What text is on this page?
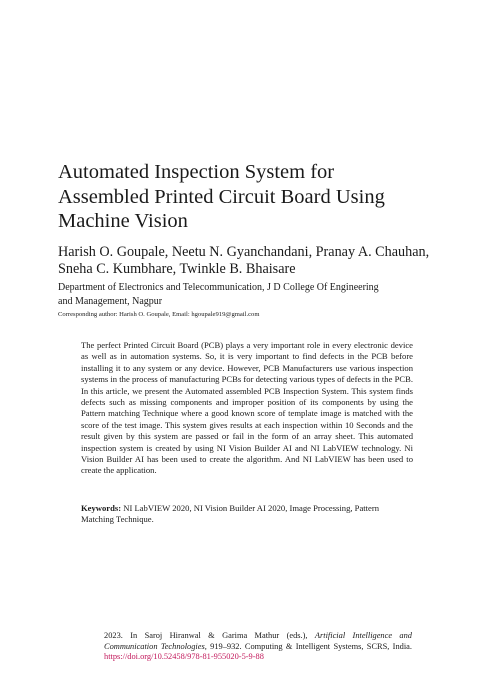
Automated Inspection System for
Assembled Printed Circuit Board Using
Machine Vision

Harish O. Goupale, Neetu N. Gyanchandani, Pranay A. Chauhan,
Sneha C. Kumbhare, Twinkle B. Bhaisare

Department of Electronics and Telecommunication, J D College Of Engineering
and Management, Nagpur

Corresponding author: Harish O. Goupale, Email: hgoupale919@gmail.com

The perfect Printed Circuit Board (PCB) plays a very important role in every electronic device as well as in automation systems. So, it is very important to find defects in the PCB before installing it to any system or any device. However, PCB Manufacturers use various inspection systems in the process of manufacturing PCBs for detecting various types of defects in the PCB. In this article, we present the Automated assembled PCB Inspection System. This system finds defects such as missing components and improper position of its components by using the Pattern matching Technique where a good known score of template image is matched with the score of the test image. This system gives results at each inspection within 10 Seconds and the result given by this system are passed or fail in the form of an array sheet. This automated inspection system is created by using NI Vision Builder AI and NI LabVIEW technology. Ni Vision Builder AI has been used to create the algorithm. And NI LabVIEW has been used to create the application.

Keywords: NI LabVIEW 2020, NI Vision Builder AI 2020, Image Processing, Pattern Matching Technique.

2023. In Saroj Hiranwal & Garima Mathur (eds.), Artificial Intelligence and Communication Technologies, 919–932. Computing & Intelligent Systems, SCRS, India. https://doi.org/10.52458/978-81-955020-5-9-88
